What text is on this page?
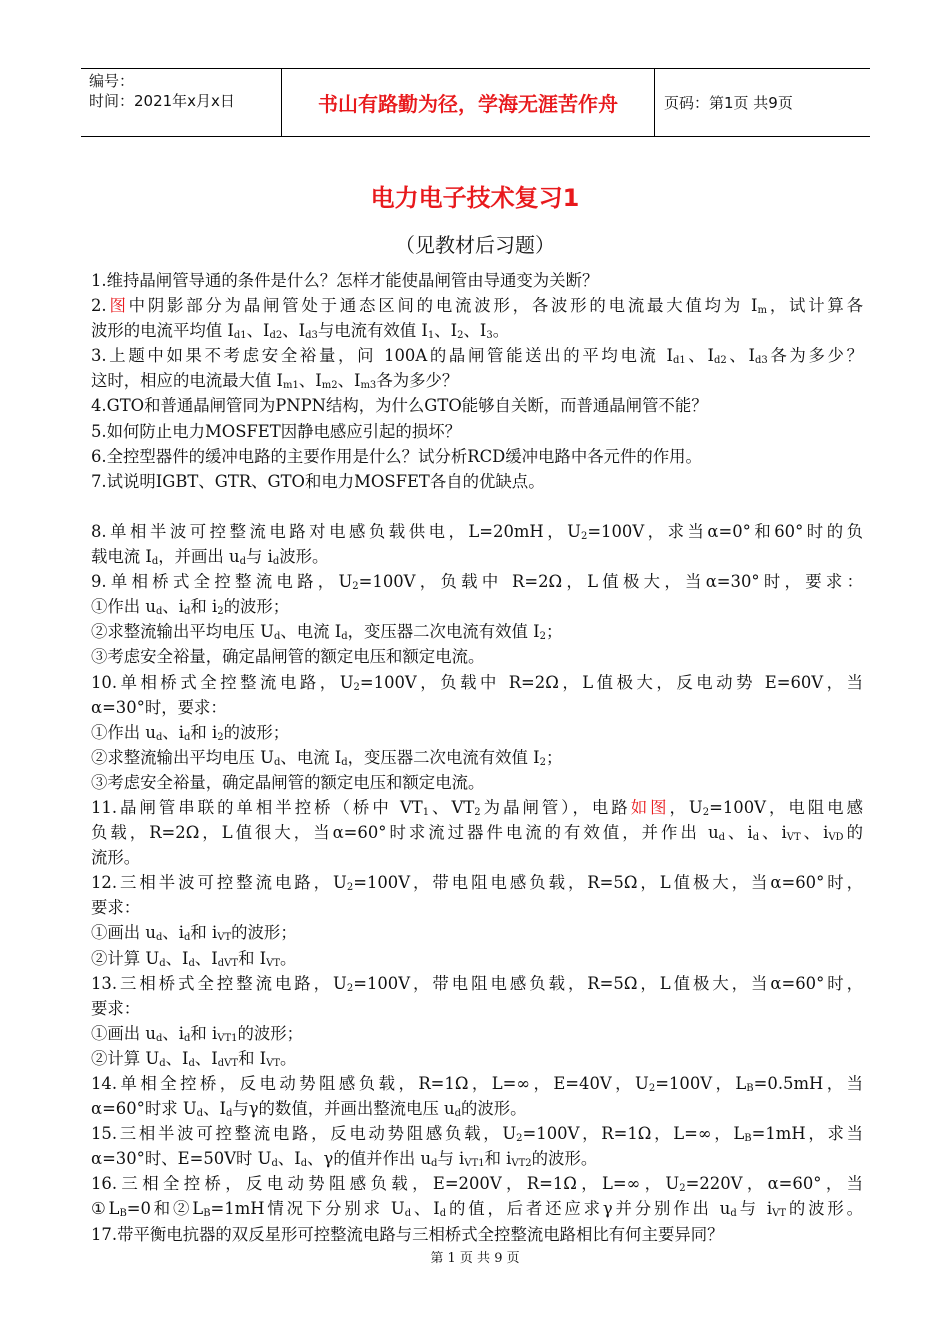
编号：
时间：2021年x月x日	书山有路勤为径，学海无涯苦作舟	页码：第1页 共9页
电力电子技术复习1
（见教材后习题）
1.维持晶闸管导通的条件是什么？怎样才能使晶闸管由导通变为关断？
2.图中阴影部分为晶闸管处于通态区间的电流波形，各波形的电流最大值均为 $I_m$，试计算各
波形的电流平均值 $I_{d1}$、$I_{d2}$、$I_{d3}$与电流有效值 $I_1$、$I_2$、$I_3$。
3.上题中如果不考虑安全裕量，问 100A的晶闸管能送出的平均电流 $I_{d1}$、$I_{d2}$、$I_{d3}$各为多少？
这时，相应的电流最大值 $I_{m1}$、$I_{m2}$、$I_{m3}$各为多少？
4.GTO和普通晶闸管同为PNPN结构，为什么GTO能够自关断，而普通晶闸管不能？
5.如何防止电力MOSFET因静电感应引起的损坏？
6.全控型器件的缓冲电路的主要作用是什么？试分析RCD缓冲电路中各元件的作用。
7.试说明IGBT、GTR、GTO和电力MOSFET各自的优缺点。
8.单相半波可控整流电路对电感负载供电，L=20mH，$U_2=100V$，求当α=0°和60°时的负
载电流 $I_d$，并画出 $u_d$与 $i_d$波形。
9.单相桥式全控整流电路，$U_2=100V$，负载中 R=2Ω，L值极大，当α=30°时，要求：
①作出 $u_d$、$i_d$和 $i_2$的波形；
②求整流输出平均电压 $U_d$、电流 $I_d$，变压器二次电流有效值 $I_2$；
③考虑安全裕量，确定晶闸管的额定电压和额定电流。
10.单相桥式全控整流电路，$U_2=100V$，负载中 R=2Ω，L值极大，反电动势 E=60V，当
α=30°时，要求：
①作出 $u_d$、$i_d$和 $i_2$的波形；
②求整流输出平均电压 $U_d$、电流 $I_d$，变压器二次电流有效值 $I_2$；
③考虑安全裕量，确定晶闸管的额定电压和额定电流。
11.晶闸管串联的单相半控桥（桥中 $VT_1$、$VT_2$为晶闸管），电路如图，$U_2=100V$，电阻电感
负载，R=2Ω，L值很大，当α=60°时求流过器件电流的有效值，并作出 $u_d$、$i_d$、$i_{VT}$、$i_{VD}$的
流形。
12.三相半波可控整流电路，$U_2=100V$，带电阻电感负载，R=5Ω，L值极大，当α=60°时，
要求：
①画出 $u_d$、$i_d$和 $i_{VT}$的波形；
②计算 $U_d$、$I_d$、$I_{dVT}$和 $I_{VT}$。
13.三相桥式全控整流电路，$U_2=100V$，带电阻电感负载，R=5Ω，L值极大，当α=60°时，
要求：
①画出 $u_d$、$i_d$和 $i_{VT1}$的波形；
②计算 $U_d$、$I_d$、$I_{dVT}$和 $I_{VT}$。
14.单相全控桥，反电动势阻感负载，R=1Ω，L=∞，E=40V，$U_2=100V$，$L_B=0.5mH$，当
α=60°时求 $U_d$、$I_d$与γ的数值，并画出整流电压 $u_d$的波形。
15.三相半波可控整流电路，反电动势阻感负载，$U_2=100V$，R=1Ω，L=∞，$L_B=1mH$，求当
α=30°时、E=50V时 $U_d$、$I_d$、γ的值并作出 $u_d$与 $i_{VT1}$和 $i_{VT2}$的波形。
16.三相全控桥，反电动势阻感负载，E=200V，R=1Ω，L=∞，$U_2=220V$，α=60°，当
$①L_B=0$和$②L_B=1mH$情况下分别求 $U_d$、$I_d$的值，后者还应求γ并分别作出 $u_d$与 $i_{VT}$的波形。
17.带平衡电抗器的双反星形可控整流电路与三相桥式全控整流电路相比有何主要异同？
第 1 页 共 9 页
